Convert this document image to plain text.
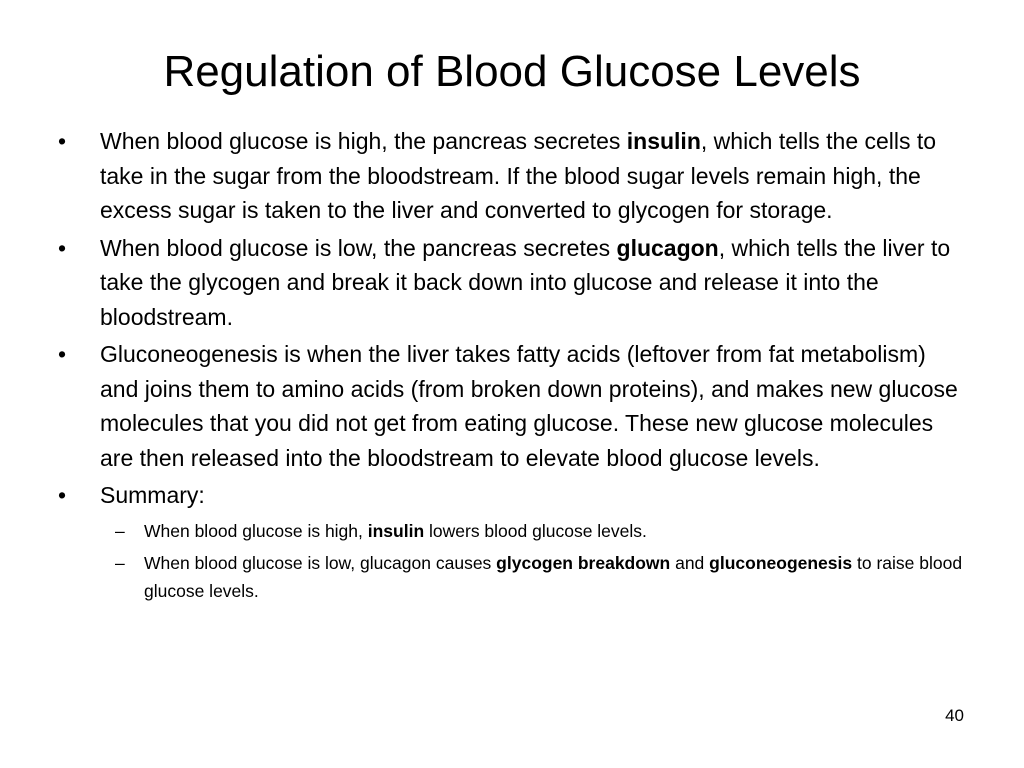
Regulation of Blood Glucose Levels
• When blood glucose is high, the pancreas secretes insulin, which tells the cells to take in the sugar from the bloodstream. If the blood sugar levels remain high, the excess sugar is taken to the liver and converted to glycogen for storage.
• When blood glucose is low, the pancreas secretes glucagon, which tells the liver to take the glycogen and break it back down into glucose and release it into the bloodstream.
• Gluconeogenesis is when the liver takes fatty acids (leftover from fat metabolism) and joins them to amino acids (from broken down proteins), and makes new glucose molecules that you did not get from eating glucose. These new glucose molecules are then released into the bloodstream to elevate blood glucose levels.
• Summary:
– When blood glucose is high, insulin lowers blood glucose levels.
– When blood glucose is low, glucagon causes glycogen breakdown and gluconeogenesis to raise blood glucose levels.
40
